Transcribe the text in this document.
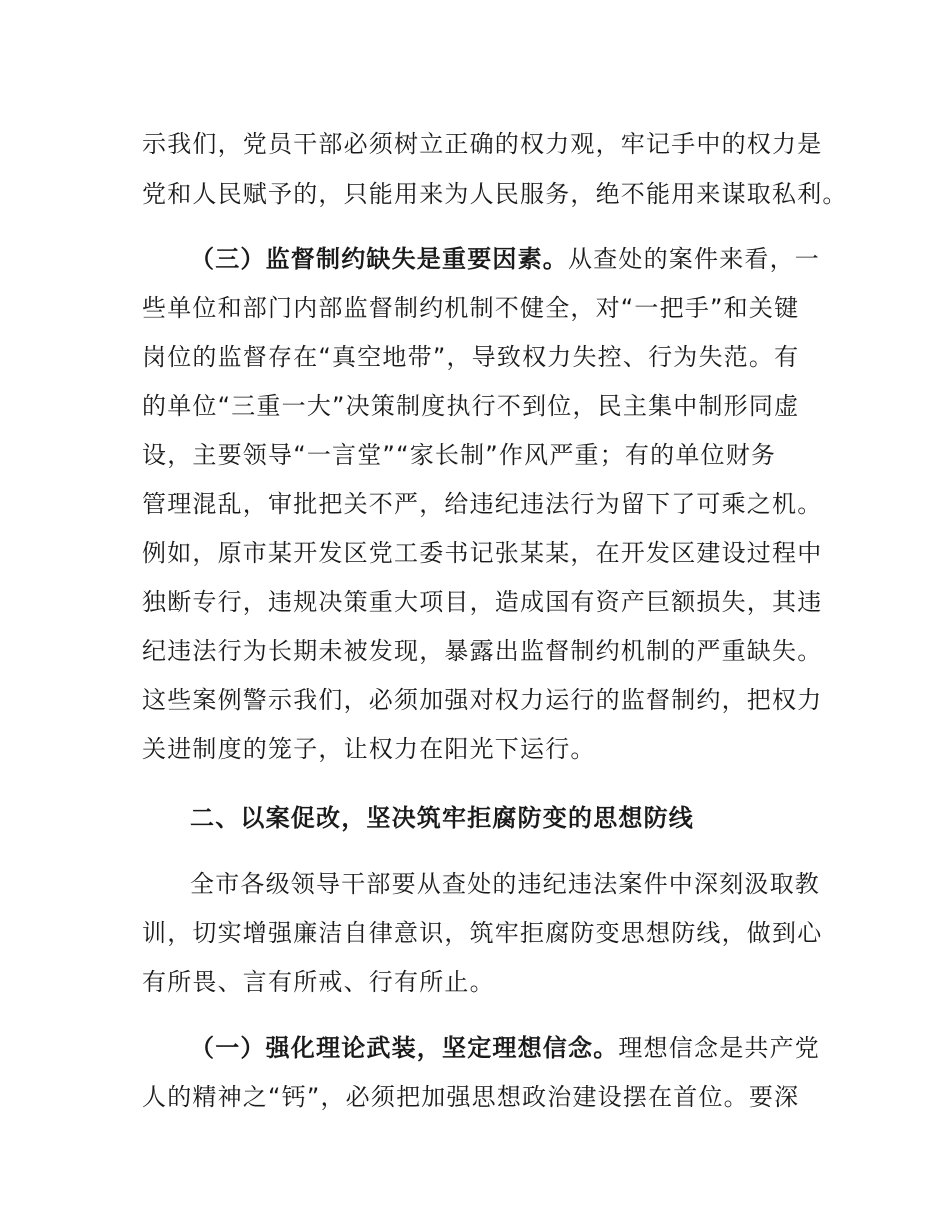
示我们，党员干部必须树立正确的权力观，牢记手中的权力是
党和人民赋予的，只能用来为人民服务，绝不能用来谋取私利。
（三）监督制约缺失是重要因素。从查处的案件来看，一
些单位和部门内部监督制约机制不健全，对“一把手”和关键
岗位的监督存在“真空地带”，导致权力失控、行为失范。有
的单位“三重一大”决策制度执行不到位，民主集中制形同虚
设，主要领导“一言堂”“家长制”作风严重；有的单位财务
管理混乱，审批把关不严，给违纪违法行为留下了可乘之机。
例如，原市某开发区党工委书记张某某，在开发区建设过程中
独断专行，违规决策重大项目，造成国有资产巨额损失，其违
纪违法行为长期未被发现，暴露出监督制约机制的严重缺失。
这些案例警示我们，必须加强对权力运行的监督制约，把权力
关进制度的笼子，让权力在阳光下运行。
二、以案促改，坚决筑牢拒腐防变的思想防线
全市各级领导干部要从查处的违纪违法案件中深刻汲取教
训，切实增强廉洁自律意识，筑牢拒腐防变思想防线，做到心
有所畏、言有所戒、行有所止。
（一）强化理论武装，坚定理想信念。理想信念是共产党
人的精神之“钙”，必须把加强思想政治建设摆在首位。要深
